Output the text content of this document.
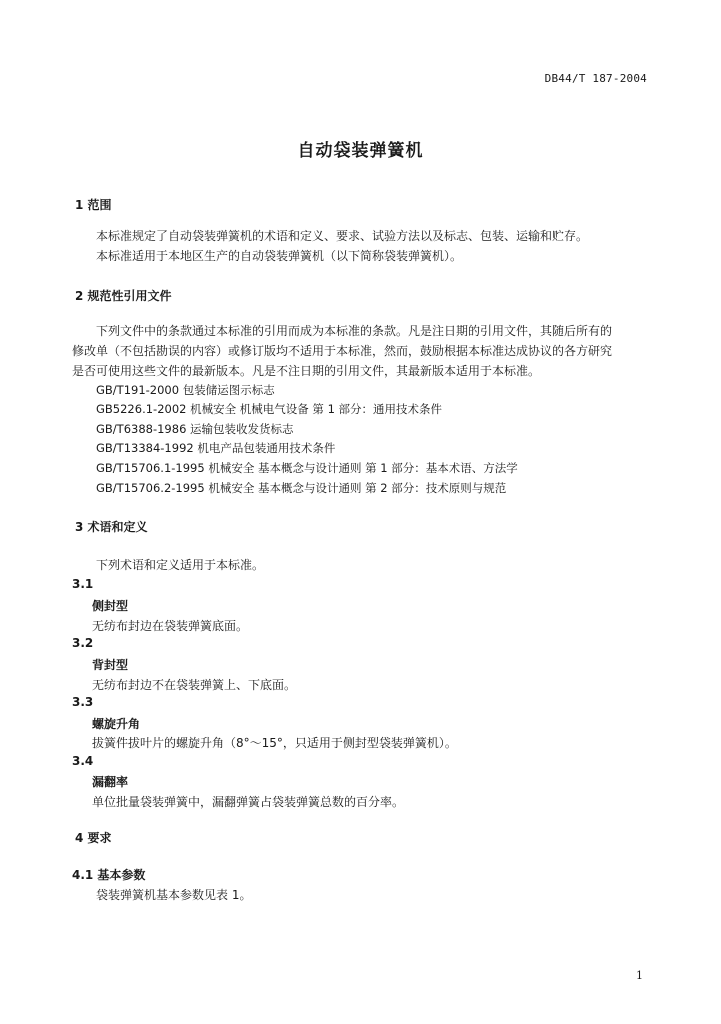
DB44/T 187-2004
自动袋装弹簧机
1 范围
本标准规定了自动袋装弹簧机的术语和定义、要求、试验方法以及标志、包装、运输和贮存。
本标准适用于本地区生产的自动袋装弹簧机（以下简称袋装弹簧机）。
2 规范性引用文件
下列文件中的条款通过本标准的引用而成为本标准的条款。凡是注日期的引用文件，其随后所有的
修改单（不包括勘误的内容）或修订版均不适用于本标准，然而，鼓励根据本标准达成协议的各方研究
是否可使用这些文件的最新版本。凡是不注日期的引用文件，其最新版本适用于本标准。
GB/T191-2000 包装储运图示标志
GB5226.1-2002 机械安全 机械电气设备 第 1 部分：通用技术条件
GB/T6388-1986 运输包装收发货标志
GB/T13384-1992 机电产品包装通用技术条件
GB/T15706.1-1995 机械安全 基本概念与设计通则 第 1 部分：基本术语、方法学
GB/T15706.2-1995 机械安全 基本概念与设计通则 第 2 部分：技术原则与规范
3 术语和定义
下列术语和定义适用于本标准。
3.1
侧封型
无纺布封边在袋装弹簧底面。
3.2
背封型
无纺布封边不在袋装弹簧上、下底面。
3.3
螺旋升角
拔簧件拔叶片的螺旋升角（8°～15°，只适用于侧封型袋装弹簧机）。
3.4
漏翻率
单位批量袋装弹簧中，漏翻弹簧占袋装弹簧总数的百分率。
4 要求
4.1 基本参数
袋装弹簧机基本参数见表 1。
1
